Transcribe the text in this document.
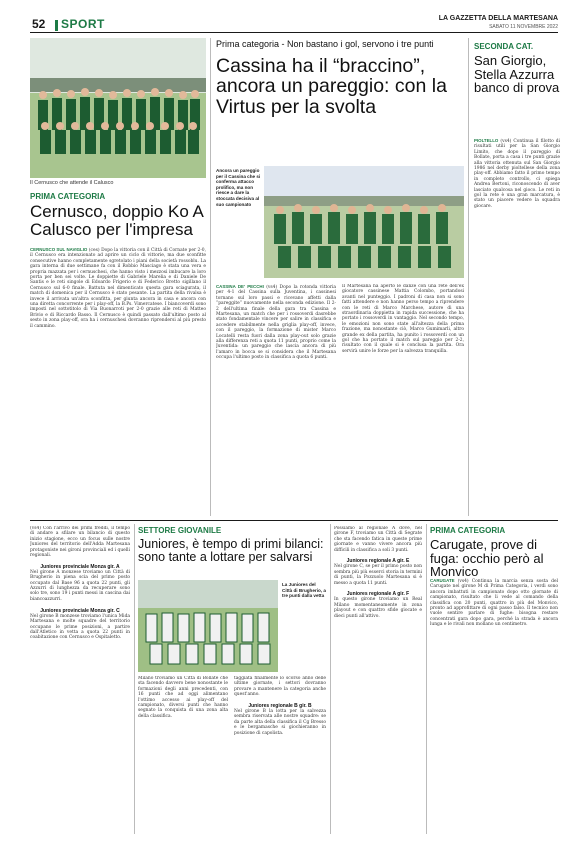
52 SPORT	LA GAZZETTA DELLA MARTESANA
SABATO 11 NOVEMBRE 2022
Il Cernusco che attende il Calusco
PRIMA CATEGORIA
Cernusco, doppio Ko A Calusco per l'impresa
CERNUSCO SUL NAVIGLIO (ces) Dopo la vittoria con il Città di Cornate per 2-0, il Cernusco era intenzionato ad aprire un ciclo di vittorie, ma due sconfitte consecutive hanno completamente sgretolato i piani della società rossoblu. La gara interna di due settimane fa con il Robbio Masciago è stata una vera e propria mazzata per i cernuschesi, che hanno visto i mezzosi imbucare la loro porta per ben sei volte. Le doppiette di Gabriele Marelia e di Daniele De Santis e le reti singole di Edoardo Frigerio e di Federico Bretto sigillano il Cernusco sul 6-0 finale. Battuta nel dimenticato questa gara sciagurata, il match di domenica per il Cernusco è stato pesante. La partita della rivalsa è invece il arrivata un'altra sconfitta, per giunta ancora in casa e ancora con una diretta concorrente per i play-off, la B.Ps. Vimercatese. I biancoverdi sono imposti nel sottotitolo di Via Buonarroti per 2-0 grazie alle reti di Matteo Brivio e di Riccardo Basso. Il Cernusco è quindi passato dall'ultimo posto al sesto in zona play-off, ora ha i cernuschesi dovranno riprendersi al più presto il cammino.
Prima categoria - Non bastano i gol, servono i tre punti
Cassina ha il “braccino”, ancora un pareggio: con la Virtus per la svolta
Ancora un pareggio per il Cassina che si conferma attacco prolifico, ma non riesce a dare la stoccata decisiva al suo campionato
CASSINA DE' PECCHI (vs4) Dopo la rotonda vittoria per 4-1 del Cassina sulla Juventina, i cassinesi tornano sul loro passi e ricevano affetti dalla “pareggite” nuovamente nella seconda edizione. Il 2-2 dell'ultima finale della gara tra Cassina e Martesana, un match che per i rossoverdi dasrebbe stato fondamentale vincere per salire in classifica e accedere stabilmente nella griglia play-off, invece, con il pareggio, la formazione di mister Marco Locatelli resta fuori dalla zona play-out solo grazie alla differenza reti a quota 11 punti, proprio come la Juventida: un pareggio che lascia ancora di più l'amaro in bocca se si considera che il Martesana occupa l'ultimo posto in classifica a quota 6 punti.
Il Martesana ha aperto le danze con una rete dell'ex giocatore cassinese Mattia Colombo, portandosi avanti nel punteggio. I padroni di casa non si sono fatti attendere e non hanno perso tempo a riprendere con le reti di Marco Marchese, autore di una straordinaria doppietta in rapida successione, che ha portato i rossoverdi in vantaggio. Nel secondo tempo, le emozioni non sono state all'altezza della prima frazione, ma nonostante ciò, Marco Gumimarli, altro grande ex della partita, ha punito i rossoverdi con un gol che ha portato il match sul pareggio per 2-2, risultato con il quale si è conclusa la partita. Ora servirà unire le forze per la salvezza tranquilla.
SECONDA CAT.
San Giorgio, Stella Azzurra banco di prova
PIOLTELLO (vs4) Continua il filotto di risultati utili per la San Giorgio Limito, che dopo il pareggio di Bollate, porta a casa i tre punti grazie alla vittoria ottenuta sul San Giorgio 1986 nel derby pioltellese della zona play-off. Abbiamo fatto il primo tempo in completo controllo, ci spiega Andrea Bertoni, riconoscendo di aver lasciato qualcosa nel gioco. Le reti in gol la rete è una gran marcatura, è stato un piacere vedere la squadra giocare.
(vs4) Con l'arrivo dei primi freddi, il tempo di andare a sfilare un bilancio di questo inizio stagione, ecco un focus sulle nostre Juniores del territorio dell'Adda Martesana protagoniste nei gironi provinciali ed i quelli regionali.

Juniores provinciale Monza gir. A
Nel girone A monzese troviamo un Città di Brugherio in piena scia del primo posto occupato dal Base 96 a quota 22 punti, gli Azzurri di lunghezza da recuperare sono solo tre, sono 19 i punti messi in cascina dai biancoazzurri.

Juniores provinciale Monza gir. C
Nel girone B monzese troviamo l'unica Mida Martesana e molte squadre del territorio occupano le prime posizioni, a partire dall'Atletico in vetta a quota 22 punti in coabitazione con Cernusco e Ospitaletto.
SETTORE GIOVANILE
Juniores, è tempo di primi bilanci: sono tante a lottare per salvarsi
La Juniores del Città di Brugherio, a tre punti dalla vetta
Milano troviamo un Città di Bollate che sta facendo davvero bene nonostante le formazioni degli anni precedenti, con 16 punti che ad oggi alimentano l'ottimo accesso ai play-off del campionato, diversi punti che hanno segnato la conquista di una zona alta della classifica.
taggiata finalmente lo scorso anno delle ultime giornate, i settori dovranno provare a mantenere la categoria anche quest'anno.

Juniores regionale B gir. B
Nel girone B la lotta per la salvezza sembra riservata alle nostre squadre: se da parte alta della classifica il Cg Bresso e le bergamasche si giochieranno in posizione di capolista.
Possiamo al regionale A dove, nel girone F, troviamo un Città di Segrate che sta facendo fatica in queste prime giornate e vanno vivere ancora più difficili in classifica a soli 3 punti.

Juniores regionale A gir. E
Nel girone C, se per il primo posto non sembra più più esserci storia in termini di punti, la Pozzuolo Martesana si è messo a quota 11 punti.

Juniores regionale A gir. F
In questo girone troviamo un Real Milano momentaneamente in zona playout e con quattro sfide giocate e dieci punti all'attivo.
PRIMA CATEGORIA
Carugate, prove di fuga: occhio però al Monvico
CARUGATE (vs4) Continua la marcia senza sosta del Carugate nel girone M di Prima Categoria, i verdi sono ancora imbattuti in campionato dopo otto giornate di campionato, risultato che li vede al comando della classifica con 20 punti, quattro in più del Monvico, pronto ad approfittare di ogni passo falso. Il tecnico non vuole sentire parlare di fughe: bisogna restare concentrati gara dopo gara, perché la strada è ancora lunga e le rivali non mollano un centimetro.
